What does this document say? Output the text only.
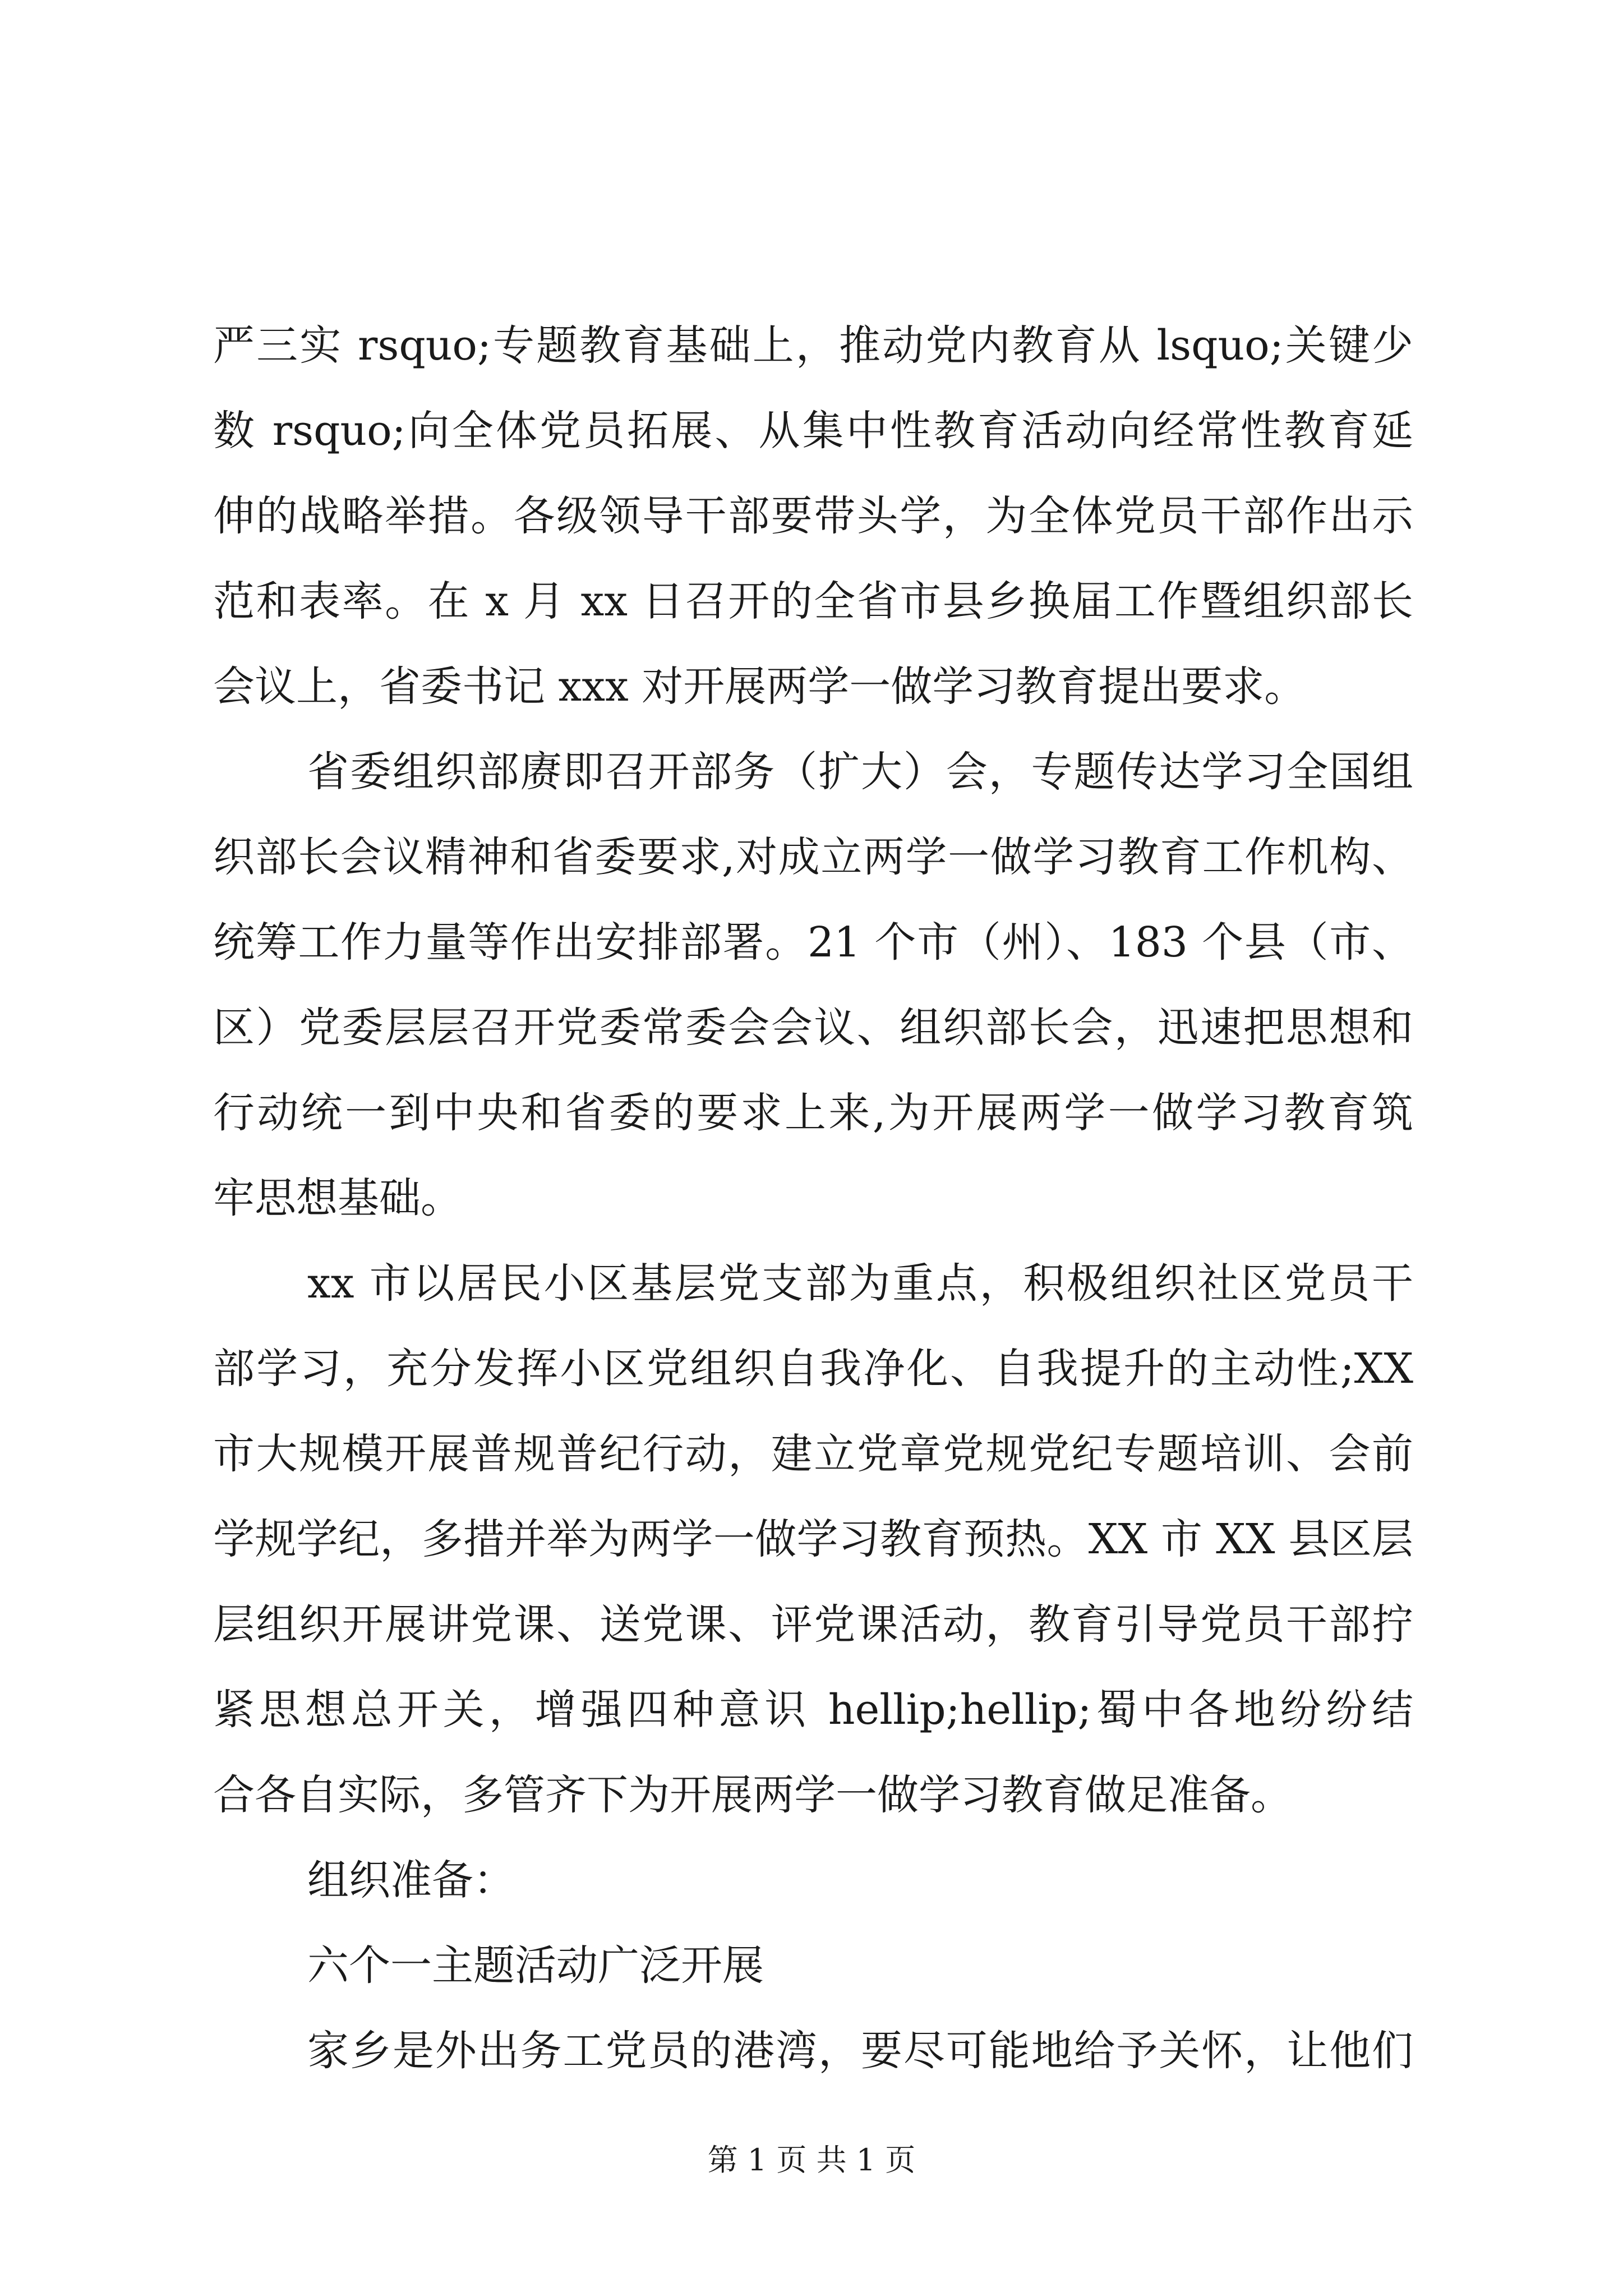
严三实 rsquo;专题教育基础上，推动党内教育从 lsquo;关键少
数 rsquo;向全体党员拓展、从集中性教育活动向经常性教育延
伸的战略举措。各级领导干部要带头学，为全体党员干部作出示
范和表率。在 x 月 xx 日召开的全省市县乡换届工作暨组织部长
会议上，省委书记 xxx 对开展两学一做学习教育提出要求。
省委组织部赓即召开部务（扩大）会，专题传达学习全国组
织部长会议精神和省委要求,对成立两学一做学习教育工作机构、
统筹工作力量等作出安排部署。21 个市（州）、183 个县（市、
区）党委层层召开党委常委会会议、组织部长会，迅速把思想和
行动统一到中央和省委的要求上来,为开展两学一做学习教育筑
牢思想基础。
xx 市以居民小区基层党支部为重点，积极组织社区党员干
部学习，充分发挥小区党组织自我净化、自我提升的主动性;XX
市大规模开展普规普纪行动，建立党章党规党纪专题培训、会前
学规学纪，多措并举为两学一做学习教育预热。XX 市 XX 县区层
层组织开展讲党课、送党课、评党课活动，教育引导党员干部拧
紧思想总开关，增强四种意识 hellip;hellip;蜀中各地纷纷结
合各自实际，多管齐下为开展两学一做学习教育做足准备。
组织准备：
六个一主题活动广泛开展
家乡是外出务工党员的港湾，要尽可能地给予关怀，让他们
第 1 页 共 1 页
